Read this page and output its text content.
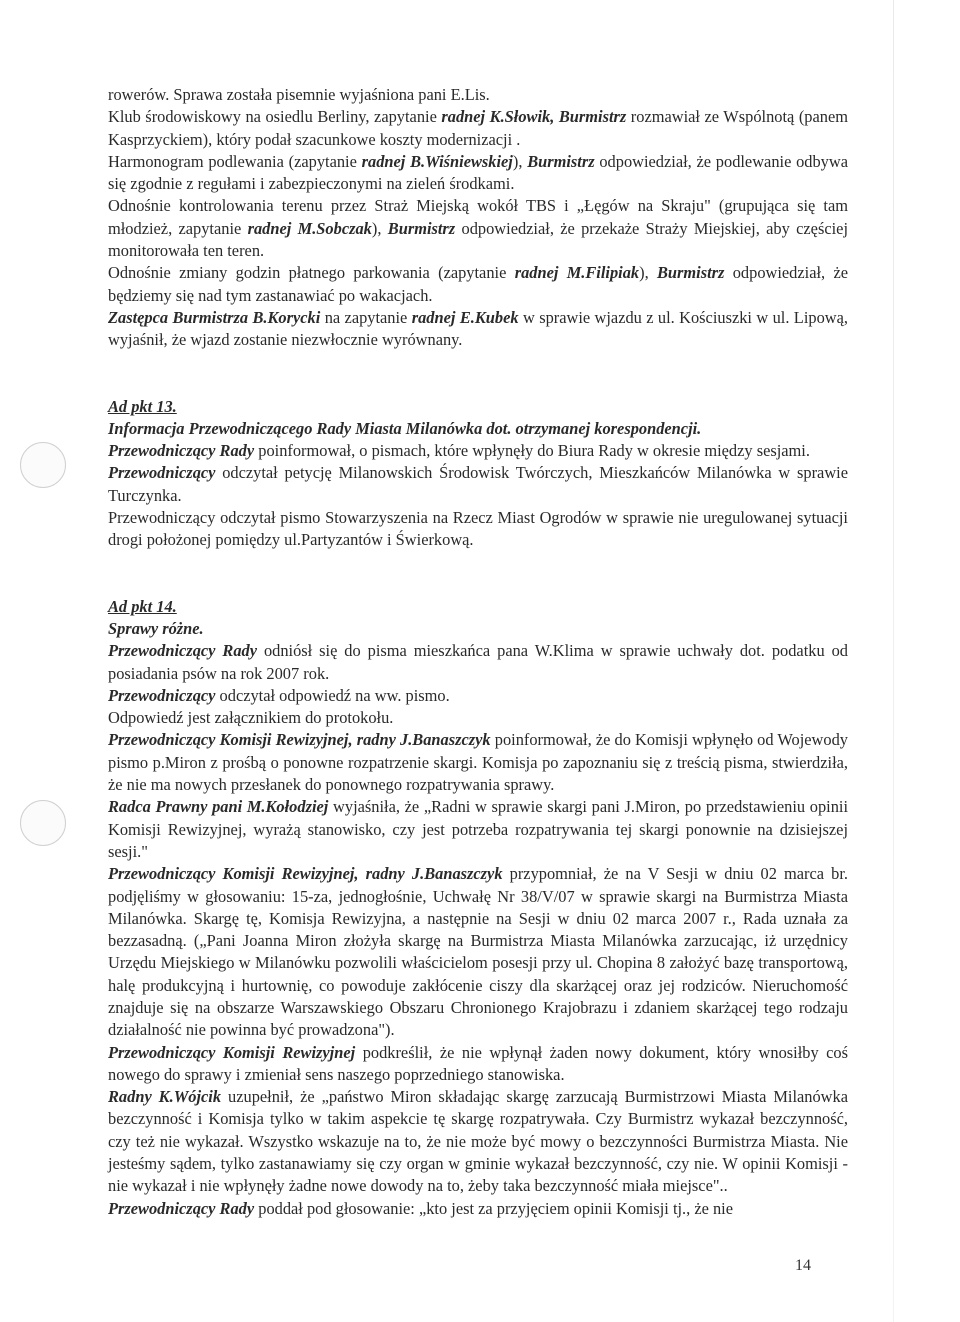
rowerów. Sprawa została pisemnie wyjaśniona pani E.Lis.

Klub środowiskowy na osiedlu Berliny, zapytanie radnej K.Słowik, Burmistrz rozmawiał ze Wspólnotą (panem Kasprzyckiem), który podał szacunkowe koszty modernizacji .

Harmonogram podlewania (zapytanie radnej B.Wiśniewskiej), Burmistrz odpowiedział, że podlewanie odbywa się zgodnie z regułami i zabezpieczonymi na zieleń środkami.

Odnośnie kontrolowania terenu przez Straż Miejską wokół TBS i „Łęgów na Skraju" (grupująca się tam młodzież, zapytanie radnej M.Sobczak), Burmistrz odpowiedział, że przekaże Straży Miejskiej, aby częściej monitorowała ten teren.

Odnośnie zmiany godzin płatnego parkowania (zapytanie radnej M.Filipiak), Burmistrz odpowiedział, że będziemy się nad tym zastanawiać po wakacjach.

Zastępca Burmistrza B.Korycki na zapytanie radnej E.Kubek w sprawie wjazdu z ul. Kościuszki w ul. Lipową, wyjaśnił, że wjazd zostanie niezwłocznie wyrównany.

Ad pkt 13.

Informacja Przewodniczącego Rady Miasta Milanówka dot. otrzymanej korespondencji.

Przewodniczący Rady poinformował, o pismach, które wpłynęły do Biura Rady w okresie między sesjami.

Przewodniczący odczytał petycję Milanowskich Środowisk Twórczych, Mieszkańców Milanówka w sprawie Turczynka.

Przewodniczący odczytał pismo Stowarzyszenia na Rzecz Miast Ogrodów w sprawie nie uregulowanej sytuacji drogi położonej pomiędzy ul.Partyzantów i Świerkową.

Ad pkt 14.

Sprawy różne.

Przewodniczący Rady odniósł się do pisma mieszkańca pana W.Klima w sprawie uchwały dot. podatku od posiadania psów na rok 2007 rok.

Przewodniczący odczytał odpowiedź na ww. pismo.

Odpowiedź jest załącznikiem do protokołu.

Przewodniczący Komisji Rewizyjnej, radny J.Banaszczyk poinformował, że do Komisji wpłynęło od Wojewody pismo p.Miron z prośbą o ponowne rozpatrzenie skargi. Komisja po zapoznaniu się z treścią pisma, stwierdziła, że nie ma nowych przesłanek do ponownego rozpatrywania sprawy.

Radca Prawny pani M.Kołodziej wyjaśniła, że „Radni w sprawie skargi pani J.Miron, po przedstawieniu opinii Komisji Rewizyjnej, wyrażą stanowisko, czy jest potrzeba rozpatrywania tej skargi ponownie na dzisiejszej sesji."

Przewodniczący Komisji Rewizyjnej, radny J.Banaszczyk przypomniał, że na V Sesji w dniu 02 marca br. podjęliśmy w głosowaniu: 15-za, jednogłośnie, Uchwałę Nr 38/V/07 w sprawie skargi na Burmistrza Miasta Milanówka. Skargę tę, Komisja Rewizyjna, a następnie na Sesji w dniu 02 marca 2007 r., Rada uznała za bezzasadną. („Pani Joanna Miron złożyła skargę na Burmistrza Miasta Milanówka zarzucając, iż urzędnicy Urzędu Miejskiego w Milanówku pozwolili właścicielom posesji przy ul. Chopina 8 założyć bazę transportową, halę produkcyjną i hurtownię, co powoduje zakłócenie ciszy dla skarżącej oraz jej rodziców. Nieruchomość znajduje się na obszarze Warszawskiego Obszaru Chronionego Krajobrazu i zdaniem skarżącej tego rodzaju działalność nie powinna być prowadzona").

Przewodniczący Komisji Rewizyjnej podkreślił, że nie wpłynął żaden nowy dokument, który wnosiłby coś nowego do sprawy i zmieniał sens naszego poprzedniego stanowiska.

Radny K.Wójcik uzupełnił, że „państwo Miron składając skargę zarzucają Burmistrzowi Miasta Milanówka bezczynność i Komisja tylko w takim aspekcie tę skargę rozpatrywała. Czy Burmistrz wykazał bezczynność, czy też nie wykazał. Wszystko wskazuje na to, że nie może być mowy o bezczynności Burmistrza Miasta. Nie jesteśmy sądem, tylko zastanawiamy się czy organ w gminie wykazał bezczynność, czy nie. W opinii Komisji - nie wykazał i nie wpłynęły żadne nowe dowody na to, żeby taka bezczynność miała miejsce"..

Przewodniczący Rady poddał pod głosowanie: „kto jest za przyjęciem opinii Komisji tj., że nie

14
